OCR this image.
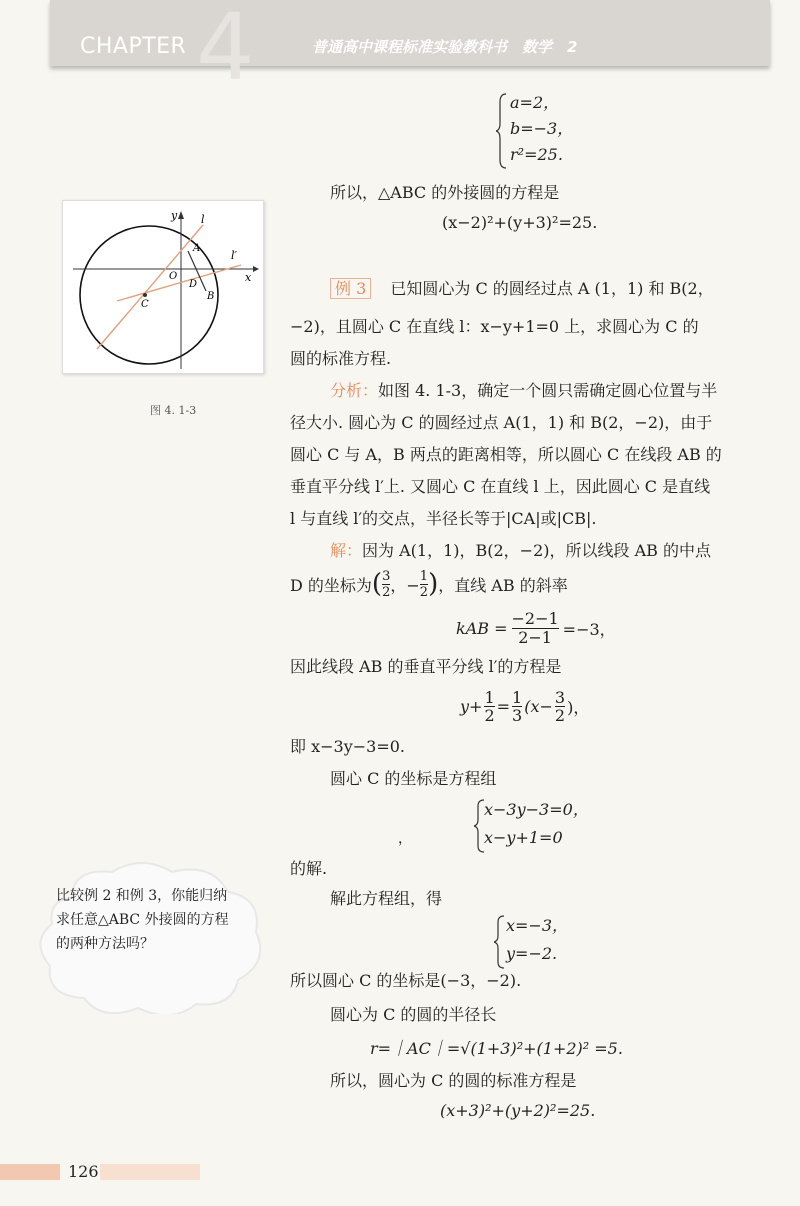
4
CHAPTER	普通高中课程标准实验教科书　数学　2
a=2，
b=−3，
r²=25.
所以，△ABC 的外接圆的方程是
(x−2)²+(y+3)²=25.
y
x
l
l′
A
O
D
B
C
图 4. 1-3
例 3 已知圆心为 C 的圆经过点 A (1，1) 和 B(2，
−2)，且圆心 C 在直线 l：x−y+1=0 上，求圆心为 C 的
圆的标准方程.
分析：如图 4. 1-3，确定一个圆只需确定圆心位置与半
径大小. 圆心为 C 的圆经过点 A(1，1) 和 B(2，−2)，由于
圆心 C 与 A，B 两点的距离相等，所以圆心 C 在线段 AB 的
垂直平分线 l′上. 又圆心 C 在直线 l 上，因此圆心 C 是直线
l 与直线 l′的交点，半径长等于|CA|或|CB|.
解：因为 A(1，1)，B(2，−2)，所以线段 AB 的中点
D 的坐标为 ( 3
2 ，− $\frac{1}{2}$ ) ，直线 AB 的斜率
kAB = $\frac{-2-1}{2-1} =-3$，
因此线段 AB 的垂直平分线 l′的方程是
$y+ \frac{1}{2} = \frac{1}{3} (x- \frac{3}{2}$ )，
即 x−3y−3=0.
圆心 C 的坐标是方程组
x−3y−3=0，
x−y+1=0
，
的解.
解此方程组，得
x=−3，
y=−2.
所以圆心 C 的坐标是(−3，−2).
圆心为 C 的圆的半径长
r=｜AC｜=√(1+3)²+(1+2)² =5.
所以，圆心为 C 的圆的标准方程是
(x+3)²+(y+2)²=25.
比较例 2 和例 3，你能归纳求任意△ABC 外接圆的方程的两种方法吗？
126
